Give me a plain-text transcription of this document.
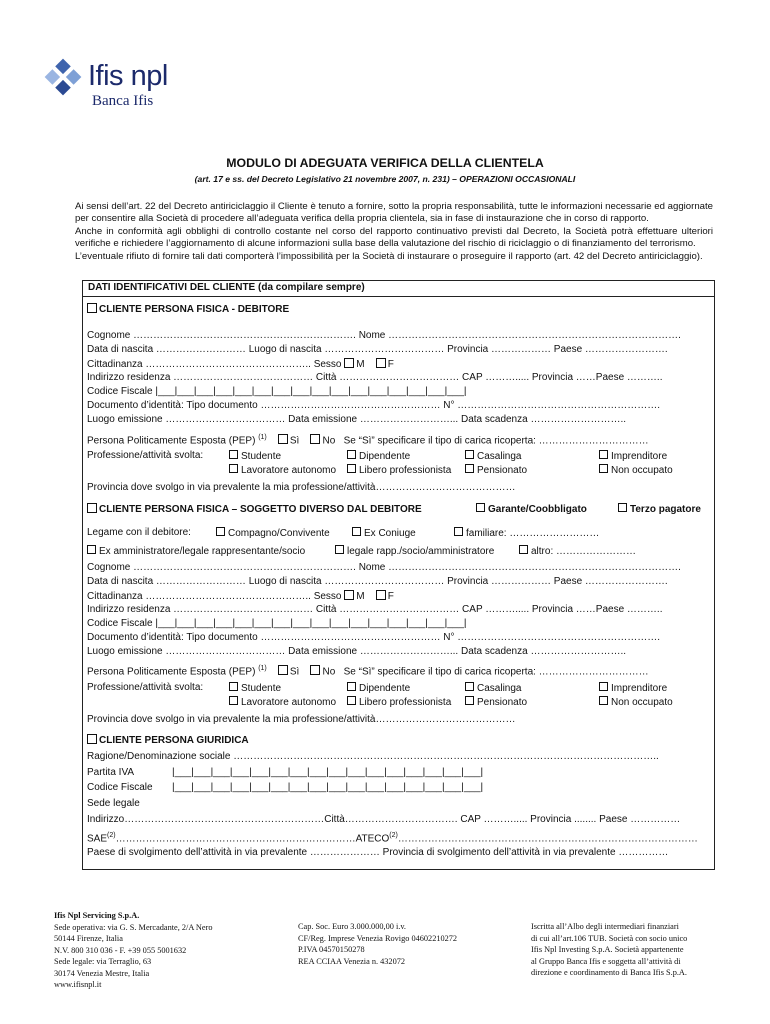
Ifis npl
Banca Ifis
MODULO DI ADEGUATA VERIFICA DELLA CLIENTELA
(art. 17 e ss. del Decreto Legislativo 21 novembre 2007, n. 231) – OPERAZIONI OCCASIONALI

Ai sensi dell’art. 22 del Decreto antiriciclaggio il Cliente è tenuto a fornire, sotto la propria responsabilità, tutte le informazioni necessarie ed aggiornate per consentire alla Società di procedere all’adeguata verifica della propria clientela, sia in fase di instaurazione che in corso di rapporto.

Anche in conformità agli obblighi di controllo costante nel corso del rapporto continuativo previsti dal Decreto, la Società potrà effettuare ulteriori verifiche e richiedere l’aggiornamento di alcune informazioni sulla base della valutazione del rischio di riciclaggio o di finanziamento del terrorismo.

L’eventuale rifiuto di fornire tali dati comporterà l’impossibilità per la Società di instaurare o proseguire il rapporto (art. 42 del Decreto antiriciclaggio).

DATI IDENTIFICATIVI DEL CLIENTE (da compilare sempre)
CLIENTE PERSONA FISICA - DEBITORE
Cognome …………………………………………………………. Nome …………………………………………………………………………….
Data di nascita ……………………… Luogo di nascita ……………………………… Provincia ……………… Paese …………………….
Cittadinanza ………………………………………….. Sesso M F
Indirizzo residenza …………………………………… Città ……………………………… CAP ………..... Provincia ……Paese ………..
Codice Fiscale |___|___|___|___|___|___|___|___|___|___|___|___|___|___|___|___|
Documento d’identità: Tipo documento ……………………………………………… N° …………………………………………………….
Luogo emissione ……………………………… Data emissione ………………………... Data scadenza ………………………..
Persona Politicamente Esposta (PEP) $^{(1)}$ Sì No Se “Sì” specificare il tipo di carica ricoperta: ……………………………
Professione/attività svolta:	Studente	Dipendente	Casalinga	Imprenditore
Lavoratore autonomo	Libero professionista	Pensionato	Non occupato
Provincia dove svolgo in via prevalente la mia professione/attività……………………………………
CLIENTE PERSONA FISICA – SOGGETTO DIVERSO DAL DEBITORE	Garante/Coobbligato	Terzo pagatore
Legame con il debitore:	Compagno/Convivente	Ex Coniuge	familiare: ………………………
Ex amministratore/legale rappresentante/socio	legale rapp./socio/amministratore	altro: ……………………
Cognome …………………………………………………………. Nome …………………………………………………………………………….
Data di nascita ……………………… Luogo di nascita ……………………………… Provincia ……………… Paese …………………….
Cittadinanza ………………………………………….. Sesso M F
Indirizzo residenza …………………………………… Città ……………………………… CAP ………..... Provincia ……Paese ………..
Codice Fiscale |___|___|___|___|___|___|___|___|___|___|___|___|___|___|___|___|
Documento d’identità: Tipo documento ……………………………………………… N° …………………………………………………….
Luogo emissione ……………………………… Data emissione ………………………... Data scadenza ………………………..
Persona Politicamente Esposta (PEP) $^{(1)}$ Sì No Se “Sì” specificare il tipo di carica ricoperta: ……………………………
Professione/attività svolta:	Studente	Dipendente	Casalinga	Imprenditore
Lavoratore autonomo	Libero professionista	Pensionato	Non occupato
Provincia dove svolgo in via prevalente la mia professione/attività……………………………………
CLIENTE PERSONA GIURIDICA
Ragione/Denominazione sociale ………………………………………………………………………………………………………………..
Partita IVA	|___|___|___|___|___|___|___|___|___|___|___|___|___|___|___|___|
Codice Fiscale |___|___|___|___|___|___|___|___|___|___|___|___|___|___|___|___|
Sede legale
Indirizzo……………………………………………………Città……………………………. CAP ………..... Provincia ........ Paese ……………
SAE$^{(2)}$………………………………………………………………ATECO$^{(2)}$………………………………………………………………………………
Paese di svolgimento dell’attività in via prevalente ………………… Provincia di svolgimento dell’attività in via prevalente ……………
Ifis Npl Servicing S.p.A.
Sede operativa: via G. S. Mercadante, 2/A Nero
50144 Firenze, Italia
N.V. 800 310 036 - F. +39 055 5001632
Sede legale: via Terraglio, 63
30174 Venezia Mestre, Italia
www.ifisnpl.it
Cap. Soc. Euro 3.000.000,00 i.v.
CF/Reg. Imprese Venezia Rovigo 04602210272
P.IVA 04570150278
REA CCIAA Venezia n. 432072
Iscritta all’Albo degli intermediari finanziari
di cui all’art.106 TUB. Società con socio unico
Ifis Npl Investing S.p.A. Società appartenente
al Gruppo Banca Ifis e soggetta all’attività di
direzione e coordinamento di Banca Ifis S.p.A.
